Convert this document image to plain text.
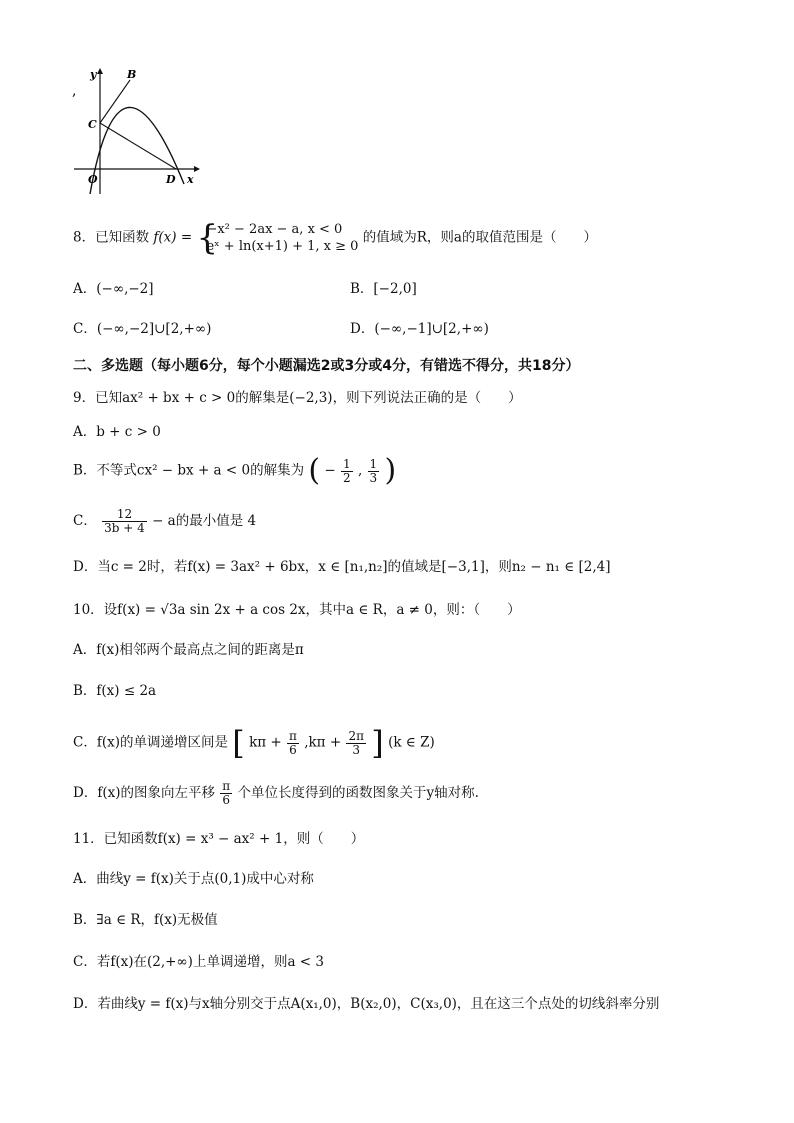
,
y	B
C
O	D x
8．已知函数 f(x) = {
−x² − 2ax − a, x < 0
eˣ + ln(x+1) + 1, x ≥ 0
的值域为R，则a的取值范围是（　　）
A．(−∞,−2]	B．[−2,0]
C．(−∞,−2]∪[2,+∞)	D．(−∞,−1]∪[2,+∞)
二、多选题（每小题6分，每个小题漏选2或3分或4分，有错选不得分，共18分）
9．已知ax² + bx + c > 0的解集是(−2,3)，则下列说法正确的是（　　）
A．b + c > 0
B．不等式cx² − bx + a < 0的解集为 ( − $\frac{1}{2}$ , $\frac{1}{3}$ )
C． $\frac{12}{3b + 4} - a$的最小值是 4
D．当c = 2时，若f(x) = 3ax² + 6bx，x ∈ [n₁,n₂]的值域是[−3,1]，则n₂ − n₁ ∈ [2,4]
10．设f(x) = √3a sin 2x + a cos 2x，其中a ∈ R，a ≠ 0，则：（　　）
A．f(x)相邻两个最高点之间的距离是π
B．f(x) ≤ 2a
C．f(x)的单调递增区间是 [ $k\pi + \frac{\pi}{6} ,k\pi + \frac{2\pi}{3}$ ] (k ∈ Z)
D．f(x)的图象向左平移 $\frac{\pi}{6}$ 个单位长度得到的函数图象关于y轴对称.
11．已知函数f(x) = x³ − ax² + 1，则（　　）
A．曲线y = f(x)关于点(0,1)成中心对称
B．∃a ∈ R，f(x)无极值
C．若f(x)在(2,+∞)上单调递增，则a < 3
D．若曲线y = f(x)与x轴分别交于点A(x₁,0)，B(x₂,0)，C(x₃,0)，且在这三个点处的切线斜率分别
